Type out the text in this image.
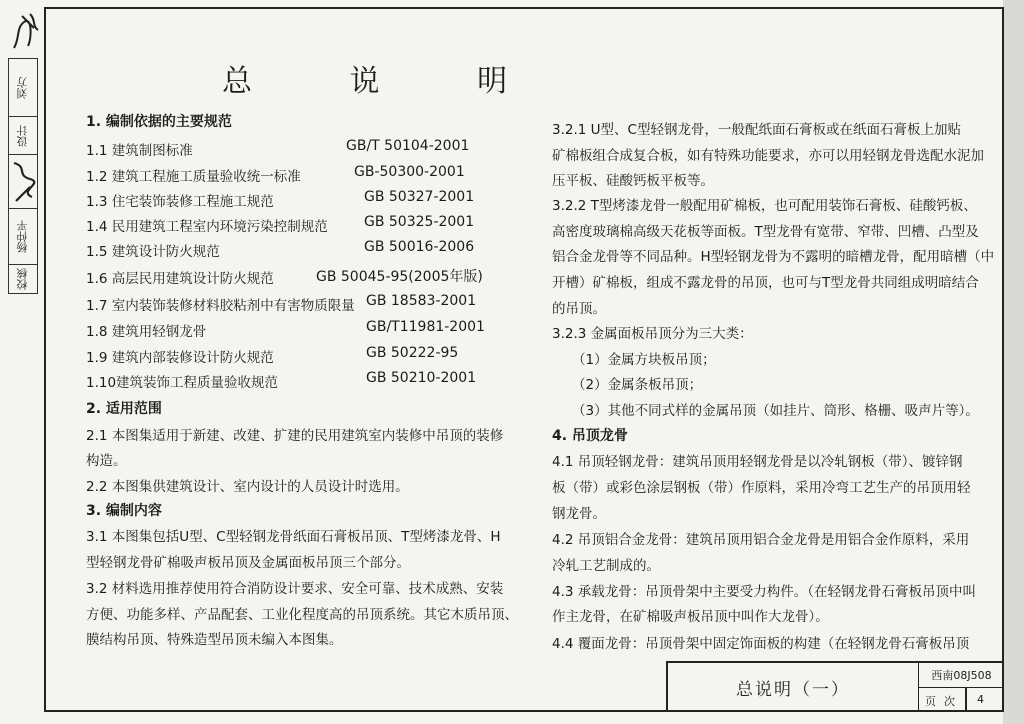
刘方
设计
杨仲平
校核
总 说 明
1. 编制依据的主要规范
1.1 建筑制图标准	GB/T 50104-2001
1.2 建筑工程施工质量验收统一标准	GB-50300-2001
1.3 住宅装饰装修工程施工规范	GB 50327-2001
1.4 民用建筑工程室内环境污染控制规范	GB 50325-2001
1.5 建筑设计防火规范	GB 50016-2006
1.6 高层民用建筑设计防火规范	GB 50045-95(2005年版)
1.7 室内装饰装修材料胶粘剂中有害物质限量 GB 18583-2001
1.8 建筑用轻钢龙骨	GB/T11981-2001
1.9 建筑内部装修设计防火规范	GB 50222-95
1.10建筑装饰工程质量验收规范	GB 50210-2001
2. 适用范围
2.1 本图集适用于新建、改建、扩建的民用建筑室内装修中吊顶的装修
构造。
2.2 本图集供建筑设计、室内设计的人员设计时选用。
3. 编制内容
3.1 本图集包括U型、C型轻钢龙骨纸面石膏板吊顶、T型烤漆龙骨、H
型轻钢龙骨矿棉吸声板吊顶及金属面板吊顶三个部分。
3.2 材料选用推荐使用符合消防设计要求、安全可靠、技术成熟、安装
方便、功能多样、产品配套、工业化程度高的吊顶系统。其它木质吊顶、
膜结构吊顶、特殊造型吊顶未编入本图集。
3.2.1 U型、C型轻钢龙骨，一般配纸面石膏板或在纸面石膏板上加贴
矿棉板组合成复合板，如有特殊功能要求，亦可以用轻钢龙骨选配水泥加
压平板、硅酸钙板平板等。
3.2.2 T型烤漆龙骨一般配用矿棉板，也可配用装饰石膏板、硅酸钙板、
高密度玻璃棉高级天花板等面板。T型龙骨有宽带、窄带、凹槽、凸型及
铝合金龙骨等不同品种。H型轻钢龙骨为不露明的暗槽龙骨，配用暗槽（中
开槽）矿棉板，组成不露龙骨的吊顶，也可与T型龙骨共同组成明暗结合
的吊顶。
3.2.3 金属面板吊顶分为三大类：
（1）金属方块板吊顶；
（2）金属条板吊顶；
（3）其他不同式样的金属吊顶（如挂片、筒形、格栅、吸声片等）。
4. 吊顶龙骨
4.1 吊顶轻钢龙骨：建筑吊顶用轻钢龙骨是以冷轧钢板（带）、镀锌钢
板（带）或彩色涂层钢板（带）作原料，采用冷弯工艺生产的吊顶用轻
钢龙骨。
4.2 吊顶铝合金龙骨：建筑吊顶用铝合金龙骨是用铝合金作原料，采用
冷轧工艺制成的。
4.3 承载龙骨：吊顶骨架中主要受力构件。（在轻钢龙骨石膏板吊顶中叫
作主龙骨，在矿棉吸声板吊顶中叫作大龙骨）。
4.4 覆面龙骨：吊顶骨架中固定饰面板的构建（在轻钢龙骨石膏板吊顶
总说明（一）
西南08J508
页次 4
